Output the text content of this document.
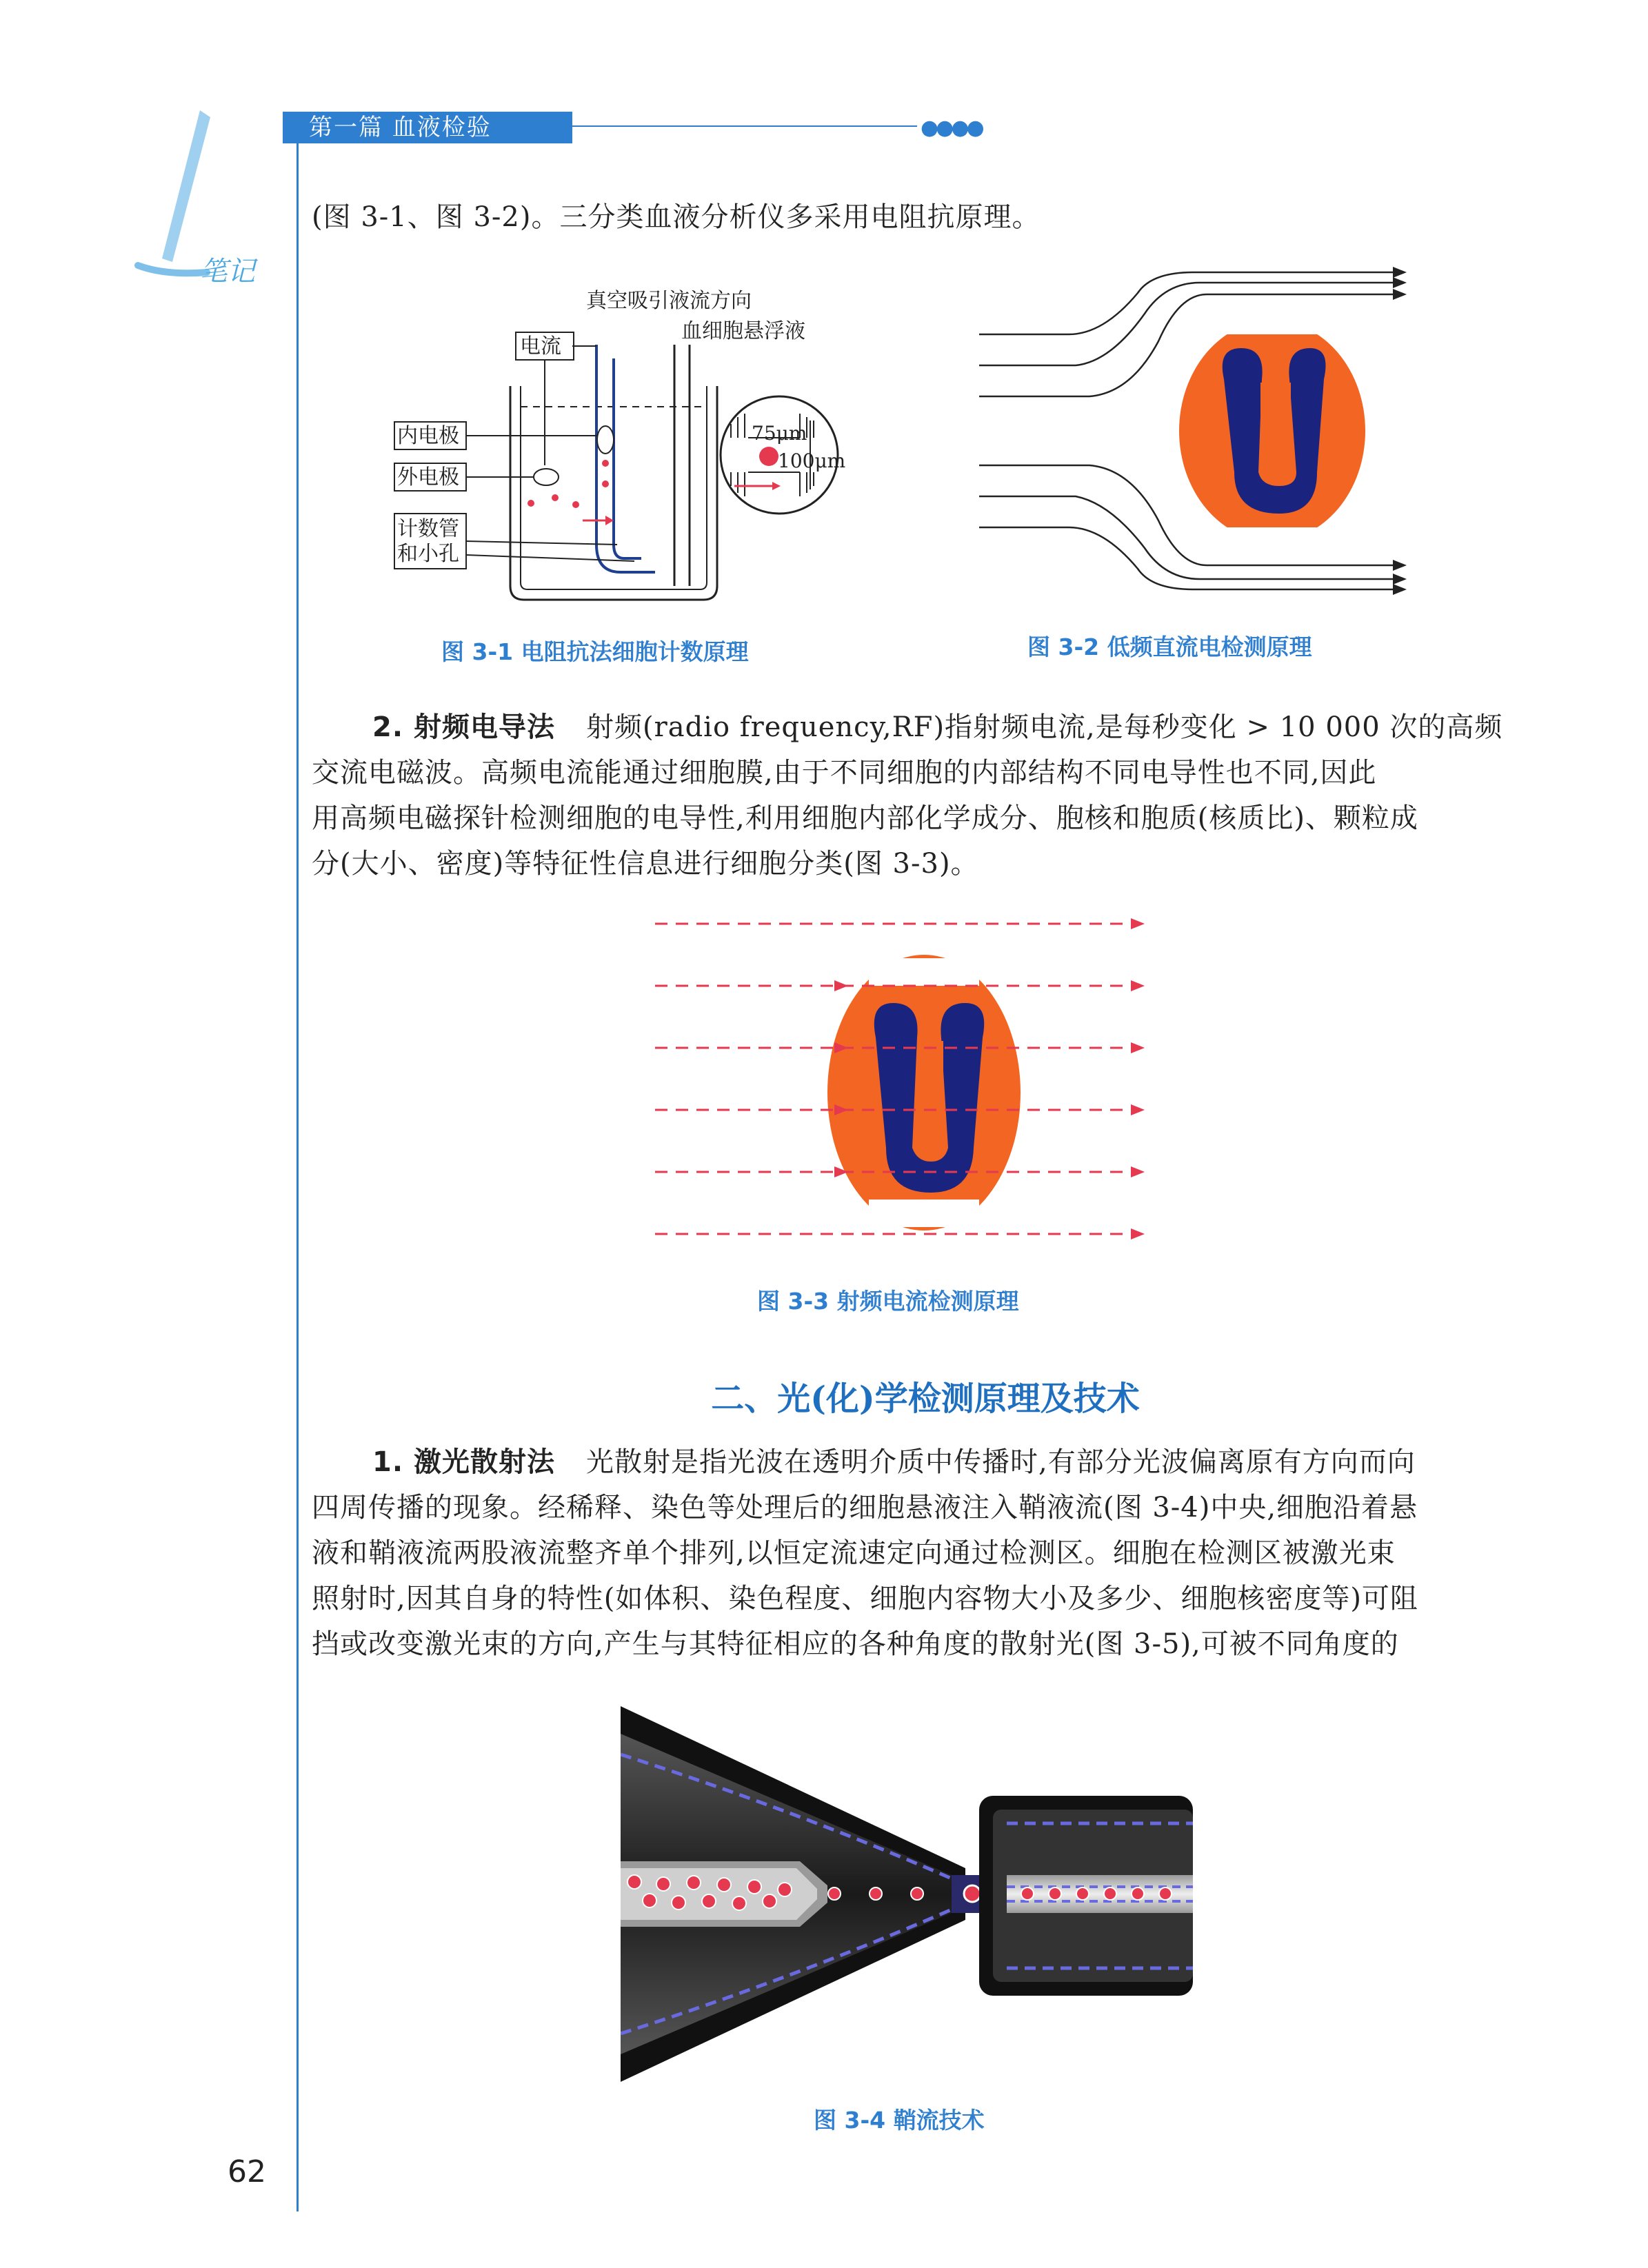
第一篇 血液检验	●●●●
笔记
(图 3-1、图 3-2)。三分类血液分析仪多采用电阻抗原理。
真空吸引液流方向
电流
血细胞悬浮液
内电极
外电极
计数管
和小孔
75μm
100μm
图 3-1 电阻抗法细胞计数原理	图 3-2 低频直流电检测原理
2. 射频电导法 射频(radio frequency,RF)指射频电流,是每秒变化 > 10 000 次的高频
交流电磁波。高频电流能通过细胞膜,由于不同细胞的内部结构不同电导性也不同,因此
用高频电磁探针检测细胞的电导性,利用细胞内部化学成分、胞核和胞质(核质比)、颗粒成
分(大小、密度)等特征性信息进行细胞分类(图 3-3)。
图 3-3 射频电流检测原理
二、光(化)学检测原理及技术
1. 激光散射法 光散射是指光波在透明介质中传播时,有部分光波偏离原有方向而向
四周传播的现象。经稀释、染色等处理后的细胞悬液注入鞘液流(图 3-4)中央,细胞沿着悬
液和鞘液流两股液流整齐单个排列,以恒定流速定向通过检测区。细胞在检测区被激光束
照射时,因其自身的特性(如体积、染色程度、细胞内容物大小及多少、细胞核密度等)可阻
挡或改变激光束的方向,产生与其特征相应的各种角度的散射光(图 3-5),可被不同角度的
图 3-4 鞘流技术
62
